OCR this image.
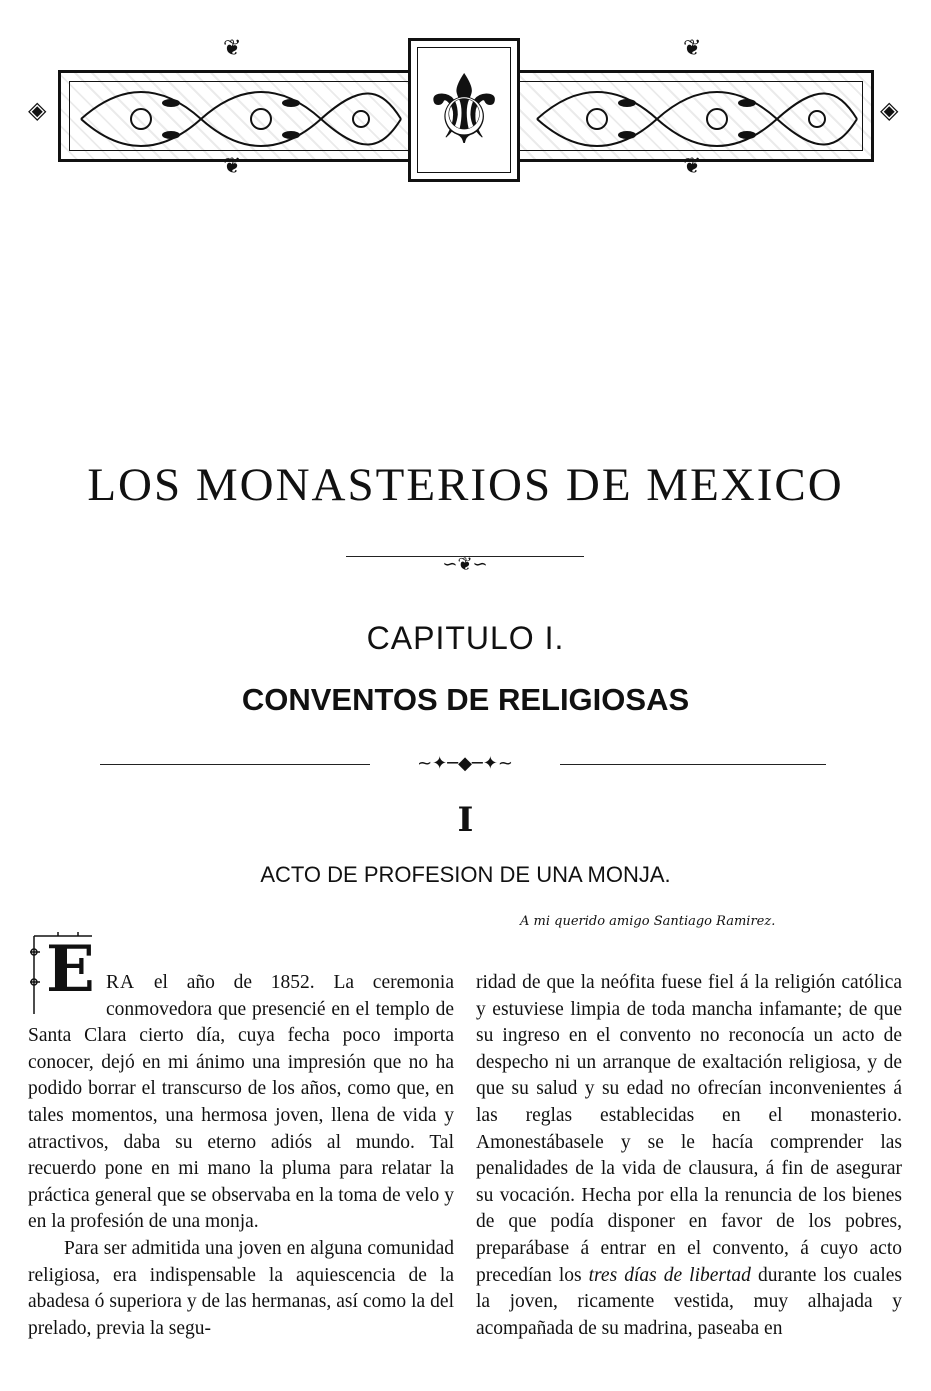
◈	◈
❦	❦
❦	❦
⚜
LOS MONASTERIOS DE MEXICO
∽❦∽
CAPITULO I.
CONVENTOS DE RELIGIOSAS
~✦─◆─✦~
I
ACTO DE PROFESION DE UNA MONJA.
A mi querido amigo Santiago Ramirez.

E RA el año de 1852. La ceremonia conmovedora que presencié en el templo de Santa Clara cierto día, cuya fecha poco importa conocer, dejó en mi ánimo una impresión que no ha podido borrar el transcurso de los años, como que, en tales momentos, una hermosa joven, llena de vida y atractivos, daba su eterno adiós al mundo. Tal recuerdo pone en mi mano la pluma para relatar la práctica general que se observaba en la toma de velo y en la profesión de una monja.

Para ser admitida una joven en alguna comunidad religiosa, era indispensable la aquiescencia de la abadesa ó superiora y de las hermanas, así como la del prelado, previa la segu-

ridad de que la neófita fuese fiel á la religión católica y estuviese limpia de toda mancha infamante; de que su ingreso en el convento no reconocía un acto de despecho ni un arranque de exaltación religiosa, y de que su salud y su edad no ofrecían inconvenientes á las reglas establecidas en el monasterio. Amonestábasele y se le hacía comprender las penalidades de la vida de clausura, á fin de asegurar su vocación. Hecha por ella la renuncia de los bienes de que podía disponer en favor de los pobres, preparábase á entrar en el convento, á cuyo acto precedían los tres días de libertad durante los cuales la joven, ricamente vestida, muy alhajada y acompañada de su madrina, paseaba en
